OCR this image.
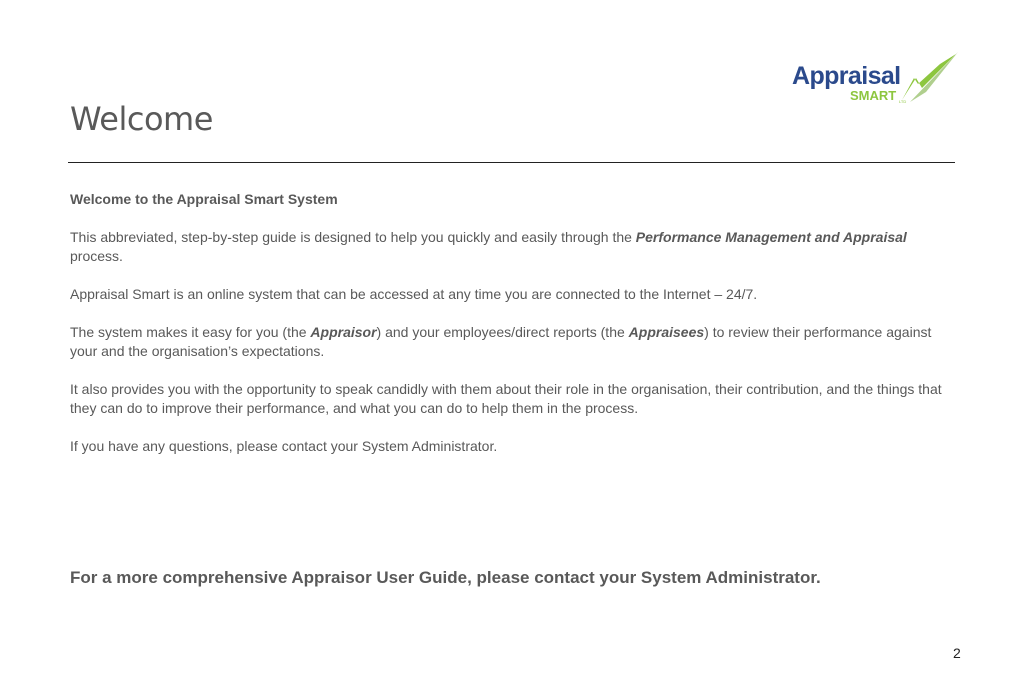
Appraisal
SMART LTD
Welcome

Welcome to the Appraisal Smart System

This abbreviated, step-by-step guide is designed to help you quickly and easily through the Performance Management and Appraisal process.

Appraisal Smart is an online system that can be accessed at any time you are connected to the Internet – 24/7.

The system makes it easy for you (the Appraisor) and your employees/direct reports (the Appraisees) to review their performance against your and the organisation’s expectations.

It also provides you with the opportunity to speak candidly with them about their role in the organisation, their contribution, and the things that they can do to improve their performance, and what you can do to help them in the process.

If you have any questions, please contact your System Administrator.

For a more comprehensive Appraisor User Guide, please contact your System Administrator.

2
